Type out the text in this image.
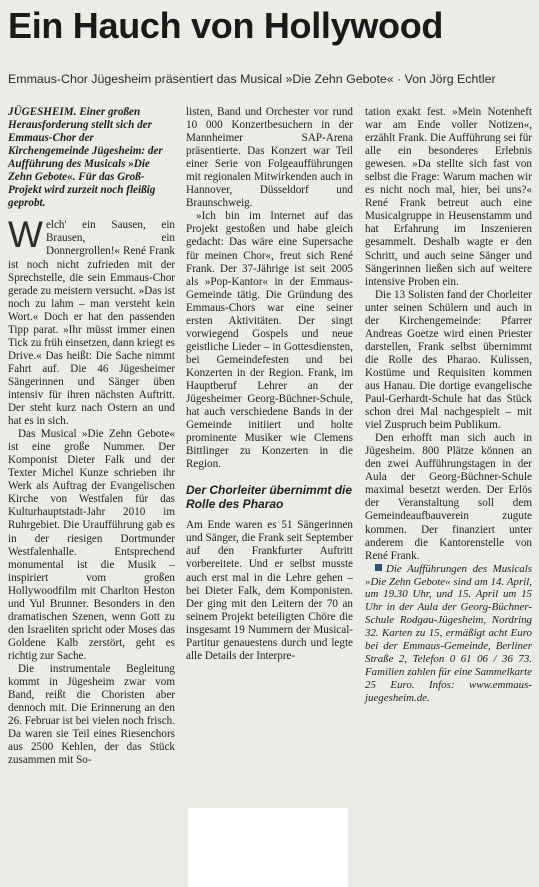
Ein Hauch von Hollywood
Emmaus-Chor Jügesheim präsentiert das Musical »Die Zehn Gebote« · Von Jörg Echtler

JÜGESHEIM. Einer großen Herausforderung stellt sich der Emmaus-Chor der Kirchengemeinde Jügesheim: der Aufführung des Musicals »Die Zehn Gebote«. Für das Groß-Projekt wird zurzeit noch fleißig geprobt.

Welch' ein Sausen, ein Brausen, ein Donnergrollen!« René Frank ist noch nicht zufrieden mit der Sprechstelle, die sein Emmaus-Chor gerade zu meistern versucht. »Das ist noch zu lahm – man versteht kein Wort.« Doch er hat den passenden Tipp parat. »Ihr müsst immer einen Tick zu früh einsetzen, dann kriegt es Drive.« Das heißt: Die Sache nimmt Fahrt auf. Die 46 Jügesheimer Sängerinnen und Sänger üben intensiv für ihren nächsten Auftritt. Der steht kurz nach Ostern an und hat es in sich.

Das Musical »Die Zehn Gebote« ist eine große Nummer. Der Komponist Dieter Falk und der Texter Michel Kunze schrieben ihr Werk als Auftrag der Evangelischen Kirche von Westfalen für das Kulturhauptstadt-Jahr 2010 im Ruhrgebiet. Die Uraufführung gab es in der riesigen Dortmunder Westfalenhalle. Entsprechend monumental ist die Musik – inspiriert vom großen Hollywoodfilm mit Charlton Heston und Yul Brunner. Besonders in den dramatischen Szenen, wenn Gott zu den Israeliten spricht oder Moses das Goldene Kalb zerstört, geht es richtig zur Sache.

Die instrumentale Begleitung kommt in Jügesheim zwar vom Band, reißt die Choristen aber dennoch mit. Die Erinnerung an den 26. Februar ist bei vielen noch frisch. Da waren sie Teil eines Riesenchors aus 2500 Kehlen, der das Stück zusammen mit So-

listen, Band und Orchester vor rund 10 000 Konzertbesuchern in der Mannheimer SAP-Arena präsentierte. Das Konzert war Teil einer Serie von Folgeaufführungen mit regionalen Mitwirkenden auch in Hannover, Düsseldorf und Braunschweig.

»Ich bin im Internet auf das Projekt gestoßen und habe gleich gedacht: Das wäre eine Supersache für meinen Chor«, freut sich René Frank. Der 37-Jährige ist seit 2005 als »Pop-Kantor« in der Emmaus-Gemeinde tätig. Die Gründung des Emmaus-Chors war eine seiner ersten Aktivitäten. Der singt vorwiegend Gospels und neue geistliche Lieder – in Gottesdiensten, bei Gemeindefesten und bei Konzerten in der Region. Frank, im Hauptberuf Lehrer an der Jügesheimer Georg-Büchner-Schule, hat auch verschiedene Bands in der Gemeinde initiiert und holte prominente Musiker wie Clemens Bittlinger zu Konzerten in die Region.

Der Chorleiter übernimmt die Rolle des Pharao

Am Ende waren es 51 Sängerinnen und Sänger, die Frank seit September auf den Frankfurter Auftritt vorbereitete. Und er selbst musste auch erst mal in die Lehre gehen – bei Dieter Falk, dem Komponisten. Der ging mit den Leitern der 70 an seinem Projekt beteiligten Chöre die insgesamt 19 Nummern der Musical-Partitur genauestens durch und legte alle Details der Interpre-

tation exakt fest. »Mein Notenheft war am Ende voller Notizen«, erzählt Frank. Die Aufführung sei für alle ein besonderes Erlebnis gewesen. »Da stellte sich fast von selbst die Frage: Warum machen wir es nicht noch mal, hier, bei uns?« René Frank betreut auch eine Musicalgruppe in Heusenstamm und hat Erfahrung im Inszenieren gesammelt. Deshalb wagte er den Schritt, und auch seine Sänger und Sängerinnen ließen sich auf weitere intensive Proben ein.

Die 13 Solisten fand der Chorleiter unter seinen Schülern und auch in der Kirchengemeinde: Pfarrer Andreas Goetze wird einen Priester darstellen, Frank selbst übernimmt die Rolle des Pharao. Kulissen, Kostüme und Requisiten kommen aus Hanau. Die dortige evangelische Paul-Gerhardt-Schule hat das Stück schon drei Mal nachgespielt – mit viel Zuspruch beim Publikum.

Den erhofft man sich auch in Jügesheim. 800 Plätze können an den zwei Aufführungstagen in der Aula der Georg-Büchner-Schule maximal besetzt werden. Der Erlös der Veranstaltung soll dem Gemeindeaufbauverein zugute kommen. Der finanziert unter anderem die Kantorenstelle von René Frank.

Die Aufführungen des Musicals »Die Zehn Gebote« sind am 14. April, um 19.30 Uhr, und 15. April um 15 Uhr in der Aula der Georg-Büchner-Schule Rodgau-Jügesheim, Nordring 32. Karten zu 15, ermäßigt acht Euro bei der Emmaus-Gemeinde, Berliner Straße 2, Telefon 0 61 06 / 36 73. Familien zahlen für eine Sammelkarte 25 Euro. Infos: www.emmaus-juegesheim.de.
